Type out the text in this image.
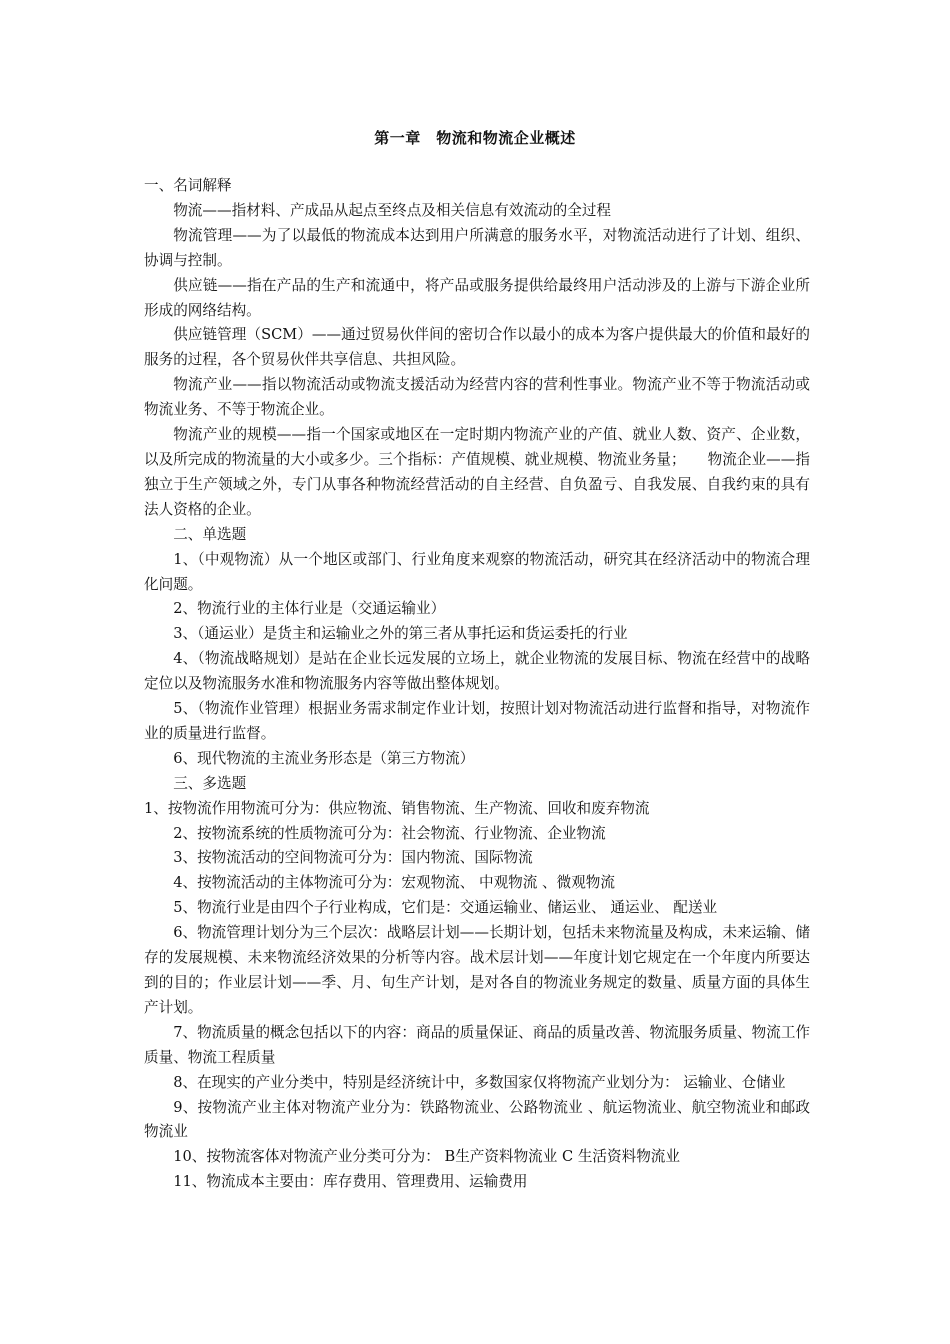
第一章　物流和物流企业概述

一、名词解释

物流——指材料、产成品从起点至终点及相关信息有效流动的全过程

物流管理——为了以最低的物流成本达到用户所满意的服务水平，对物流活动进行了计划、组织、协调与控制。

供应链——指在产品的生产和流通中，将产品或服务提供给最终用户活动涉及的上游与下游企业所形成的网络结构。

供应链管理（SCM）——通过贸易伙伴间的密切合作以最小的成本为客户提供最大的价值和最好的服务的过程，各个贸易伙伴共享信息、共担风险。

物流产业——指以物流活动或物流支援活动为经营内容的营利性事业。物流产业不等于物流活动或物流业务、不等于物流企业。

物流产业的规模——指一个国家或地区在一定时期内物流产业的产值、就业人数、资产、企业数，以及所完成的物流量的大小或多少。三个指标：产值规模、就业规模、物流业务量；　　物流企业——指独立于生产领域之外，专门从事各种物流经营活动的自主经营、自负盈亏、自我发展、自我约束的具有法人资格的企业。

二、单选题

1、（中观物流）从一个地区或部门、行业角度来观察的物流活动，研究其在经济活动中的物流合理化问题。

2、物流行业的主体行业是（交通运输业）

3、（通运业）是货主和运输业之外的第三者从事托运和货运委托的行业

4、（物流战略规划）是站在企业长远发展的立场上，就企业物流的发展目标、物流在经营中的战略定位以及物流服务水准和物流服务内容等做出整体规划。

5、（物流作业管理）根据业务需求制定作业计划，按照计划对物流活动进行监督和指导，对物流作业的质量进行监督。

6、现代物流的主流业务形态是（第三方物流）

三、多选题

1、按物流作用物流可分为：供应物流、销售物流、生产物流、回收和废弃物流

2、按物流系统的性质物流可分为：社会物流、行业物流、企业物流

3、按物流活动的空间物流可分为：国内物流、国际物流

4、按物流活动的主体物流可分为：宏观物流、 中观物流 、微观物流

5、物流行业是由四个子行业构成，它们是：交通运输业、储运业、 通运业、 配送业

6、物流管理计划分为三个层次：战略层计划——长期计划，包括未来物流量及构成，未来运输、储存的发展规模、未来物流经济效果的分析等内容。战术层计划——年度计划它规定在一个年度内所要达到的目的；作业层计划——季、月、旬生产计划，是对各自的物流业务规定的数量、质量方面的具体生产计划。

7、物流质量的概念包括以下的内容：商品的质量保证、商品的质量改善、物流服务质量、物流工作质量、物流工程质量

8、在现实的产业分类中，特别是经济统计中，多数国家仅将物流产业划分为： 运输业、仓储业

9、按物流产业主体对物流产业分为：铁路物流业、公路物流业 、航运物流业、航空物流业和邮政物流业

10、按物流客体对物流产业分类可分为： B生产资料物流业 C 生活资料物流业

11、物流成本主要由：库存费用、管理费用、运输费用
